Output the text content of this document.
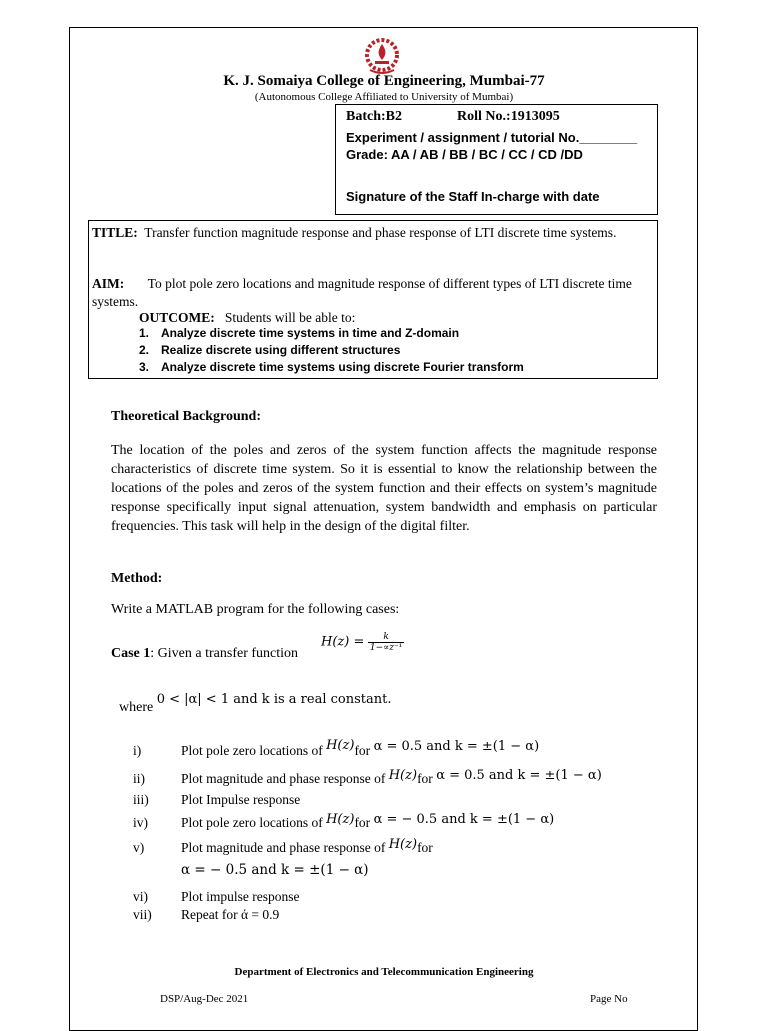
K. J. Somaiya College of Engineering, Mumbai-77
(Autonomous College Affiliated to University of Mumbai)
Batch:B2	Roll No.:1913095
Experiment / assignment / tutorial No.________
Grade: AA / AB / BB / BC / CC / CD /DD
Signature of the Staff In-charge with date
TITLE: Transfer function magnitude response and phase response of LTI discrete time systems.
AIM: To plot pole zero locations and magnitude response of different types of LTI discrete time systems.
OUTCOME: Students will be able to:
1. Analyze discrete time systems in time and Z-domain
2. Realize discrete using different structures
3. Analyze discrete time systems using discrete Fourier transform
Theoretical Background:
The location of the poles and zeros of the system function affects the magnitude response characteristics of discrete time system. So it is essential to know the relationship between the locations of the poles and zeros of the system function and their effects on system’s magnitude response specifically input signal attenuation, system bandwidth and emphasis on particular frequencies. This task will help in the design of the digital filter.
Method:
Write a MATLAB program for the following cases:
Case 1: Given a transfer function
$H(z) = \frac{k}{\text{1−∝z⁻¹}}$
where 0 < |α| < 1 and k is a real constant.
i)	Plot pole zero locations of H(z)for α = 0.5 and k = ±(1 − α)
ii)	Plot magnitude and phase response of H(z)for α = 0.5 and k = ±(1 − α)
iii) Plot Impulse response
iv) Plot pole zero locations of H(z)for α = − 0.5 and k = ±(1 − α)
v)	Plot magnitude and phase response of H(z)for
α = − 0.5 and k = ±(1 − α)
vi) Plot impulse response
vii) Repeat for ά = 0.9
Department of Electronics and Telecommunication Engineering
DSP/Aug-Dec 2021	Page No
